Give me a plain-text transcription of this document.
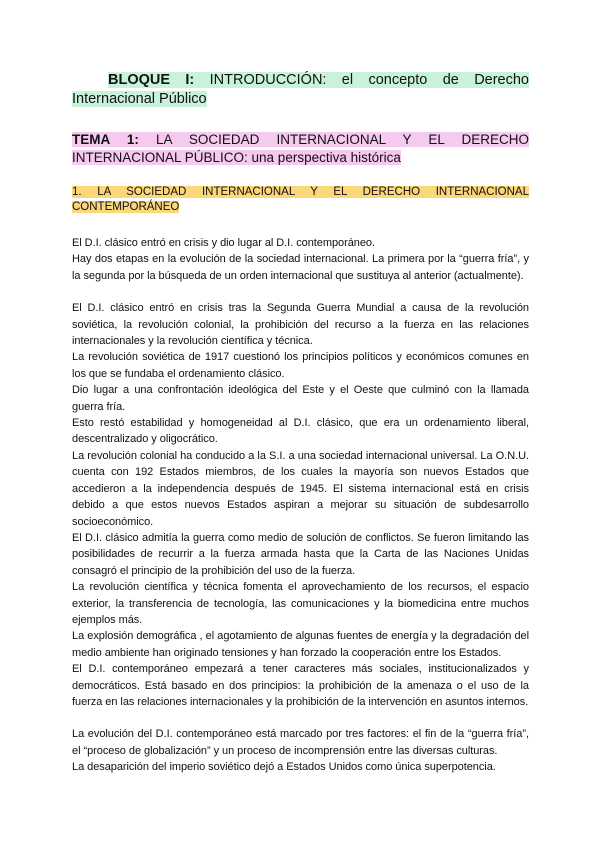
BLOQUE I: INTRODUCCIÓN: el concepto de Derecho Internacional Público

TEMA 1: LA SOCIEDAD INTERNACIONAL Y EL DERECHO INTERNACIONAL PÚBLICO: una perspectiva histórica

1. LA SOCIEDAD INTERNACIONAL Y EL DERECHO INTERNACIONAL CONTEMPORÁNEO

El D.I. clásico entró en crisis y dio lugar al D.I. contemporáneo.

Hay dos etapas en la evolución de la sociedad internacional. La primera por la “guerra fría”, y la segunda por la búsqueda de un orden internacional que sustituya al anterior (actualmente).

El D.I. clásico entró en crisis tras la Segunda Guerra Mundial a causa de la revolución soviética, la revolución colonial, la prohibición del recurso a la fuerza en las relaciones internacionales y la revolución científica y técnica.

La revolución soviética de 1917 cuestionó los principios políticos y económicos comunes en los que se fundaba el ordenamiento clásico.

Dio lugar a una confrontación ideológica del Este y el Oeste que culminó con la llamada guerra fría.

Esto restó estabilidad y homogeneidad al D.I. clásico, que era un ordenamiento liberal, descentralizado y oligocrático.

La revolución colonial ha conducido a la S.I. a una sociedad internacional universal. La O.N.U. cuenta con 192 Estados miembros, de los cuales la mayoría son nuevos Estados que accedieron a la independencia después de 1945. El sistema internacional está en crisis debido a que estos nuevos Estados aspiran a mejorar su situación de subdesarrollo socioeconómico.

El D.I. clásico admitía la guerra como medio de solución de conflictos. Se fueron limitando las posibilidades de recurrir a la fuerza armada hasta que la Carta de las Naciones Unidas consagró el principio de la prohibición del uso de la fuerza.

La revolución científica y técnica fomenta el aprovechamiento de los recursos, el espacio exterior, la transferencia de tecnología, las comunicaciones y la biomedicina entre muchos ejemplos más.

La explosión demográfica , el agotamiento de algunas fuentes de energía y la degradación del medio ambiente han originado tensiones y han forzado la cooperación entre los Estados.

El D.I. contemporáneo empezará a tener caracteres más sociales, institucionalizados y democráticos. Está basado en dos principios: la prohibición de la amenaza o el uso de la fuerza en las relaciones internacionales y la prohibición de la intervención en asuntos internos.

La evolución del D.I. contemporáneo está marcado por tres factores: el fin de la “guerra fría”, el “proceso de globalización” y un proceso de incomprensión entre las diversas culturas.

La desaparición del imperio soviético dejó a Estados Unidos como única superpotencia.
